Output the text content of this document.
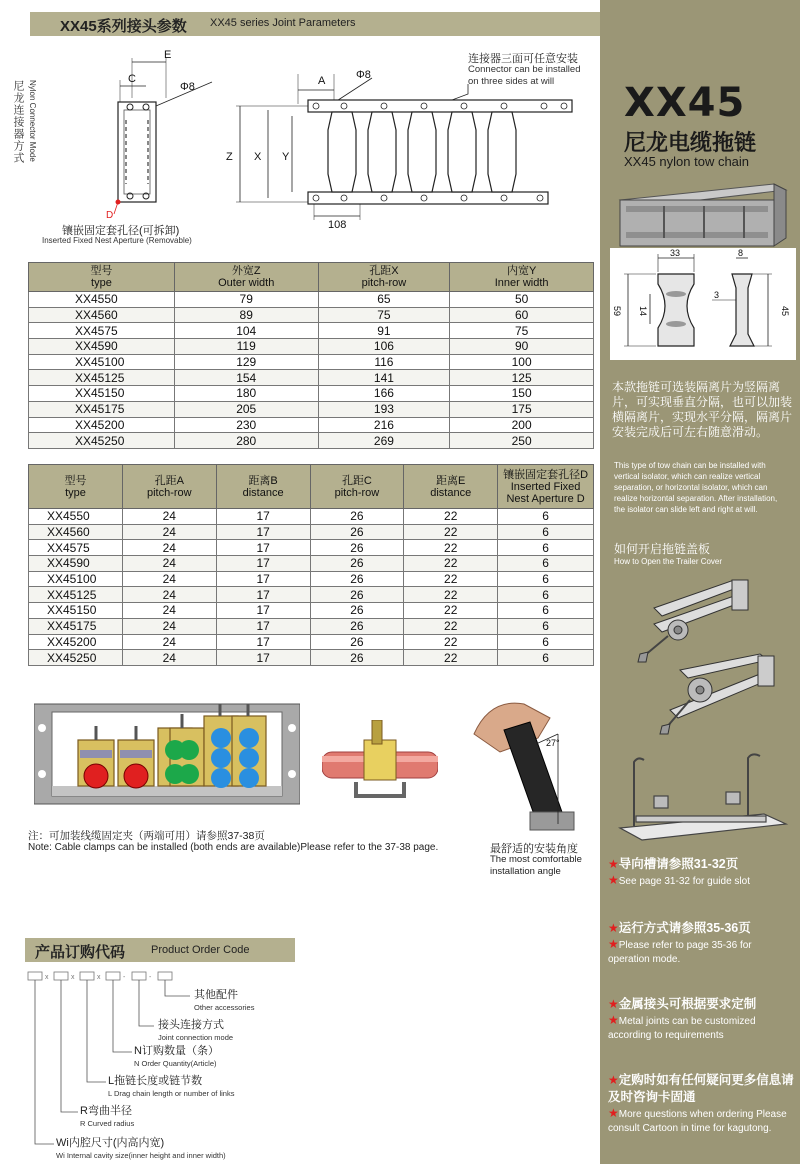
XX45
尼龙电缆拖链
XX45 nylon tow chain
33	8
59 14
3
45
本款拖链可选装隔离片为竖隔离片，可实现垂直分隔，也可以加装横隔离片，实现水平分隔，隔离片安装完成后可左右随意滑动。
This type of tow chain can be installed with vertical isolator, which can realize vertical separation, or horizontal isolator, which can realize horizontal separation. After installation, the isolator can slide left and right at will.
如何开启拖链盖板
How to Open the Trailer Cover
★导向槽请参照31-32页
★See page 31-32 for guide slot
★运行方式请参照35-36页
★Please refer to page 35-36 for operation mode.
★金属接头可根据要求定制
★Metal joints can be customized according to requirements
★定购时如有任何疑问更多信息请及时咨询卡固通
★More questions when ordering Please consult Cartoon in time for kagutong.
XX45系列接头参数 XX45 series Joint Parameters
尼龙连接器方式 Nylon Connector Mode
E
C
Φ8
D
镶嵌固定套孔径(可拆卸)
Inserted Fixed Nest Aperture (Removable)
连接器三面可任意安装
Connector can be installed
on three sides at will
A	Φ8
Z X Y
108
型号
type	外宽Z
Outer width	孔距X
pitch-row	内宽Y
Inner width
XX4550	79	65	50
XX4560	89	75	60
XX4575	104	91	75
XX4590	119	106	90
XX45100	129	116	100
XX45125	154	141	125
XX45150	180	166	150
XX45175	205	193	175
XX45200	230	216	200
XX45250	280	269	250
型号
type	孔距A
pitch-row	距离B
distance	孔距C
pitch-row	距离E
distance	镶嵌固定套孔径D
Inserted Fixed Nest Aperture D
XX4550	24	17	26	22	6
XX4560	24	17	26	22	6
XX4575	24	17	26	22	6
XX4590	24	17	26	22	6
XX45100	24	17	26	22	6
XX45125	24	17	26	22	6
XX45150	24	17	26	22	6
XX45175	24	17	26	22	6
XX45200	24	17	26	22	6
XX45250	24	17	26	22	6
27°
注：可加装线缆固定夹（两端可用）请参照37-38页
Note: Cable clamps can be installed (both ends are available)Please refer to the 37-38 page.	最舒适的安装角度
The most comfortable
installation angle
产品订购代码 Product Order Code
x	x	x	-	-
其他配件
Other accessories
接头连接方式
Joint connection mode
N订购数量（条）
N Order Quantity(Article)
L拖链长度或链节数
L Drag chain length or number of links
R弯曲半径
R Curved radius
Wi内腔尺寸(内高内宽)
Wi Internal cavity size(inner height and inner width)
